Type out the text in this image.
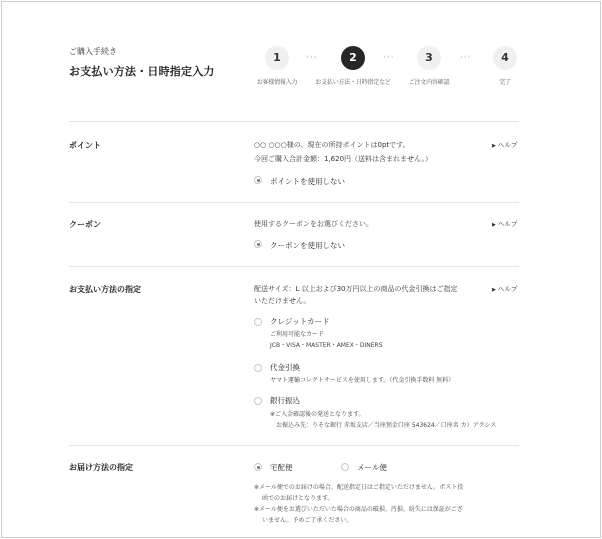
ご購入手続き
お支払い方法・日時指定入力
1
お客様情報入力
›››	2
お支払い方法・日時指定など
›››	3
ご注文内容確認
›››	4
完了
ポイント	○○ ○○○様の、現在の所持ポイントは0ptです。
今回ご購入合計金額：1,620円（送料は含まれません。）
▶ ヘルプ
ポイントを使用しない
クーポン	使用するクーポンをお選びください。	▶ ヘルプ
クーポンを使用しない
お支払い方法の指定	配送サイズ：L 以上および30万円以上の商品の代金引換はご指定
いただけません。
▶ ヘルプ
クレジットカード
ご利用可能なカード
JCB・VISA・MASTER・AMEX・DINERS
代金引換
ヤマト運輸コレクトサービスを使用します。（代金引換手数料 無料）
銀行振込
※ご入金確認後の発送となります。
お振込み先：りそな銀行 赤坂支店／当座預金口座 543624／口座名 カ）アクシス
お届け方法の指定	宅配便	メール便
※メール便でのお届けの場合、配送指定日はご指定いただけません。ポスト投
函でのお届けとなります。
※メール便をお選びいただいた場合の商品の破損、汚損、紛失には保証がござ
いません。予めご了承ください。
